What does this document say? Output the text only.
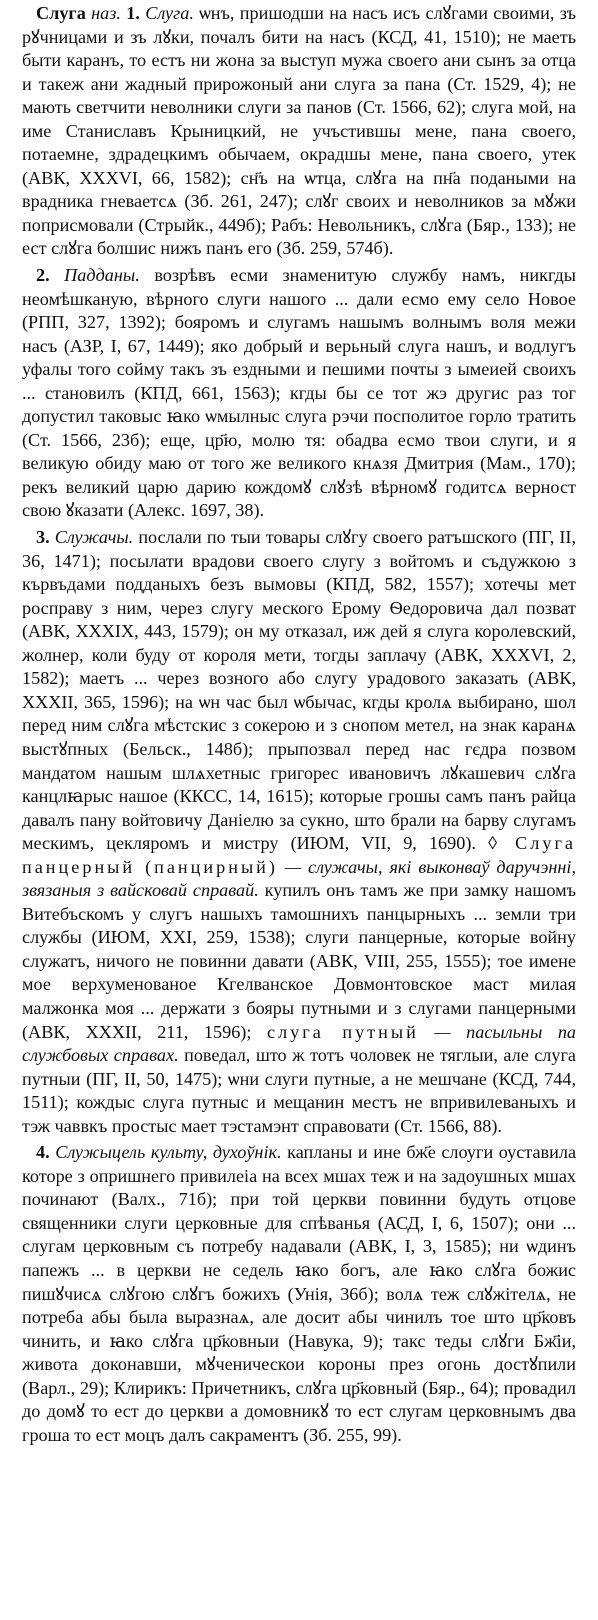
Слуга наз. 1. Слуга. ѡнъ, пришодши на насъ исъ слꙋгами своими, зъ рꙋчницами и зъ лꙋки, почалъ бити на насъ (КСД, 41, 1510); не маеть быти каранъ, то естъ ни жона за выступ мужа своего ани сынъ за отца и такеж ани жадный прирожоный ани слуга за пана (Ст. 1529, 4); не мають светчити неволники слуги за панов (Ст. 1566, 62); слуга мой, на име Станиславъ Крыницкий, не учъстившы мене, пана своего, потаемне, здрадецкимъ обычаем, окрадшы мене, пана своего, утек (АВК, XXXVI, 66, 1582); сн҃ъ на ѡтца, слꙋга на пн҃а подаными на врадника гневаетсѧ (Зб. 261, 247); слꙋг своих и неволников за мꙋжи поприсмовали (Стрыйк., 449б); Рабъ: Невольникъ, слꙋга (Бяр., 133); не ест слꙋга болшис нижъ панъ его (Зб. 259, 574б).

2. Падданы. возрѣвъ есми знаменитую службу намъ, никгды неомѣшканую, вѣрного слуги нашого ... дали есмо ему село Новое (РПП, 327, 1392); бояромъ и слугамъ нашымъ волнымъ воля межи насъ (АЗР, I, 67, 1449); якo добрый и верьный слуга нашъ, и водлугъ уфалы того сойму такъ зъ ездными и пешими почты з ымеией своихъ ... становилъ (КПД, 661, 1563); кгды бы се тот жэ другис раз тог допустил таковыс ꙗко ѡмылныс слуга рэчи посполитое горло тратить (Ст. 1566, 23б); еще, цр҃ю, молю тя: обадва есмо твои слуги, и я великую обиду маю от того же великого кнѧзя Дмитрия (Мам., 170); рекъ великий царю дарию кождомꙋ слꙋзѣ вѣрномꙋ годитсѧ верност свою ꙋказати (Алекс. 1697, 38).

3. Служачы. послали по тыи товары слꙋгу своего ратъшского (ПГ, II, 36, 1471); посылати врадови своего слугу з войтомъ и съдужкою з кървъдами подданыхъ безъ вымовы (КПД, 582, 1557); хотечы мет росправу з ним, через слугу меского Ерому Ѳедоровича дал позват (АВК, XXXIX, 443, 1579); он му отказал, иж дей я слуга королевский, жолнер, коли буду от короля мети, тогды заплачу (АВК, XXXVI, 2, 1582); маетъ ... через возного або слугу урадового заказать (АВК, XXXII, 365, 1596); на ѡн час был ѡбычас, кгды кролѧ выбирано, шол перед ним слꙋга мѣстскис з сокерою и з снопом метел, на знак каранѧ выстꙋпных (Бельск., 148б); прыпозвал перед нас гєдра позвом мандатом нашым шлѧхетныс григорес ивановичъ лꙋкашевич слꙋга канцлꙗрыс нашое (ККСС, 14, 1615); которые грошы самъ панъ райца давалъ пану войтовичу Даніелю за сукно, што брали на барву слугамъ мескимъ, цекляромъ и мистру (ИЮМ, VII, 9, 1690). ◊ Слуга панцерный (панцирный) — служачы, які выконваў даручэнні, звязаныя з вайсковай справай. купилъ онъ тамъ же при замку нашомъ Витебъскомъ у слугъ нашыхъ тамошнихъ панцырныхъ ... земли три службы (ИЮМ, XXI, 259, 1538); слуги панцерные, которые войну служатъ, ничого не повинни давати (АВК, VIII, 255, 1555); тое имене мое верхуменованое Кгелванское Довмонтовское маст милая малжонка моя ... держати з бояры путными и з слугами панцерными (АВК, XXXII, 211, 1596); слуга путный — пасыльны па службовых справах. поведал, што ж тотъ чоловек не тяглыи, але слуга путныи (ПГ, II, 50, 1475); ѡни слуги путные, а не мешчане (КСД, 744, 1511); кождыс слуга путныс и мещанин местъ не впривилеваныхъ и тэж чаввкъ простыс мает тэстамэнт справовати (Ст. 1566, 88).

4. Служыцель культу, духоўнік. капланы и ине бж҃е слоуги оуставила которе з опришнего привилеіа на всех мшах теж и на задоушных мшах починают (Валх., 71б); при той церкви повинни будуть отцове священники слуги церковные для спѣванья (АСД, I, 6, 1507); они ... слугам церковным съ потребу надавали (АВК, I, 3, 1585); ни ѡдинъ папежъ ... в церкви не седель ꙗко богъ, але ꙗко слꙋга божис пишꙋчисѧ слꙋгою слꙋгъ божихъ (Унія, 36б); волѧ теж слꙋжітелѧ, не потреба абы была выразнаѧ, але досит абы чинилъ тое што цр҃ковъ чинить, и ꙗко слꙋга цр҃ковныи (Навука, 9); такс теды слꙋги Бж҃іи, живота доконавши, мꙋченическои короны през огонь достꙋпили (Варл., 29); Клирикъ: Причетникъ, слꙋга цр҃ковный (Бяр., 64); провадил до домꙋ то ест до церкви а домовникꙋ то ест слугам церковнымъ два гроша то ест моцъ далъ сакраментъ (Зб. 255, 99).
